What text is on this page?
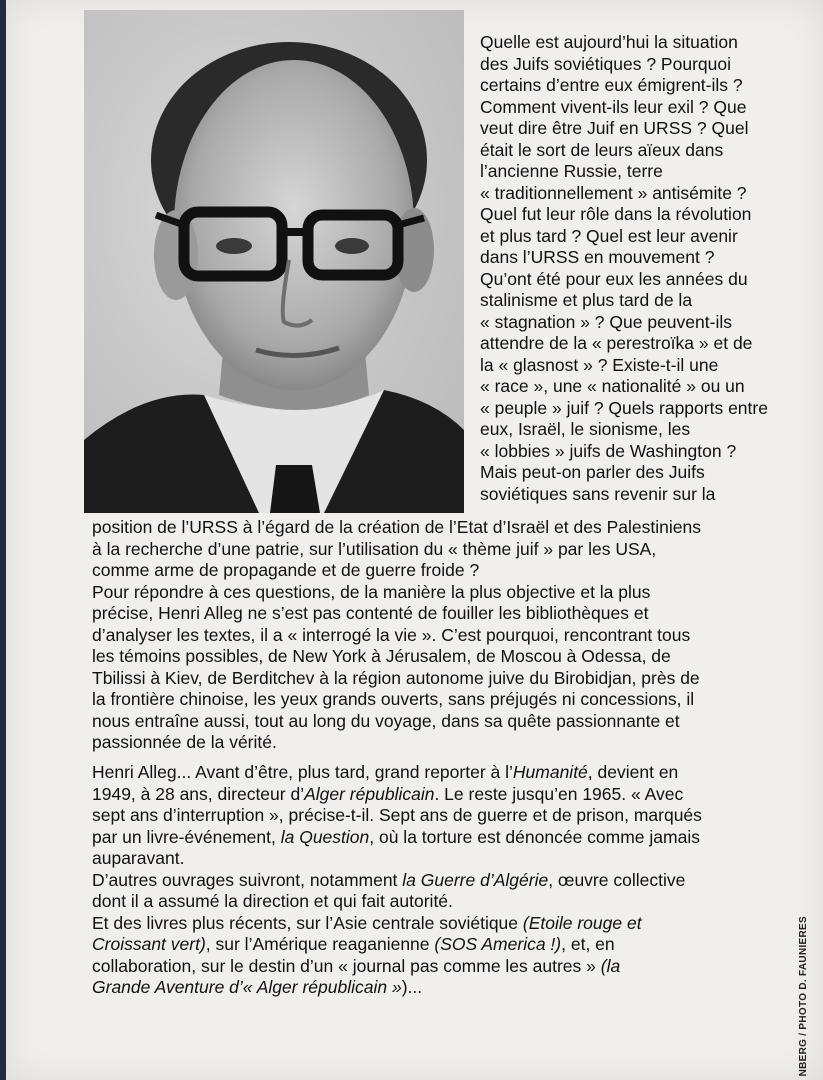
Quelle est aujourd’hui la situation
des Juifs soviétiques ? Pourquoi
certains d’entre eux émigrent-ils ?
Comment vivent-ils leur exil ? Que
veut dire être Juif en URSS ? Quel
était le sort de leurs aïeux dans
l’ancienne Russie, terre
« traditionnellement » antisémite ?
Quel fut leur rôle dans la révolution
et plus tard ? Quel est leur avenir
dans l’URSS en mouvement ?
Qu’ont été pour eux les années du
stalinisme et plus tard de la
« stagnation » ? Que peuvent-ils
attendre de la « perestroïka » et de
la « glasnost » ? Existe-t-il une
« race », une « nationalité » ou un
« peuple » juif ? Quels rapports entre
eux, Israël, le sionisme, les
« lobbies » juifs de Washington ?
Mais peut-on parler des Juifs
soviétiques sans revenir sur la
position de l’URSS à l’égard de la création de l’Etat d’Israël et des Palestiniens
à la recherche d’une patrie, sur l’utilisation du « thème juif » par les USA,
comme arme de propagande et de guerre froide ?
Pour répondre à ces questions, de la manière la plus objective et la plus
précise, Henri Alleg ne s’est pas contenté de fouiller les bibliothèques et
d’analyser les textes, il a « interrogé la vie ». C’est pourquoi, rencontrant tous
les témoins possibles, de New York à Jérusalem, de Moscou à Odessa, de
Tbilissi à Kiev, de Berditchev à la région autonome juive du Birobidjan, près de
la frontière chinoise, les yeux grands ouverts, sans préjugés ni concessions, il
nous entraîne aussi, tout au long du voyage, dans sa quête passionnante et
passionnée de la vérité.
Henri Alleg... Avant d’être, plus tard, grand reporter à l’Humanité, devient en
1949, à 28 ans, directeur d’Alger républicain. Le reste jusqu’en 1965. « Avec
sept ans d’interruption », précise-t-il. Sept ans de guerre et de prison, marqués
par un livre-événement, la Question, où la torture est dénoncée comme jamais
auparavant.
D’autres ouvrages suivront, notamment la Guerre d’Algérie, œuvre collective
dont il a assumé la direction et qui fait autorité.
Et des livres plus récents, sur l’Asie centrale soviétique (Etoile rouge et
Croissant vert), sur l’Amérique reaganienne (SOS America !), et, en
collaboration, sur le destin d’un « journal pas comme les autres » (la
Grande Aventure d’« Alger républicain »)...	NBERG / PHOTO D. FAUNIERES
